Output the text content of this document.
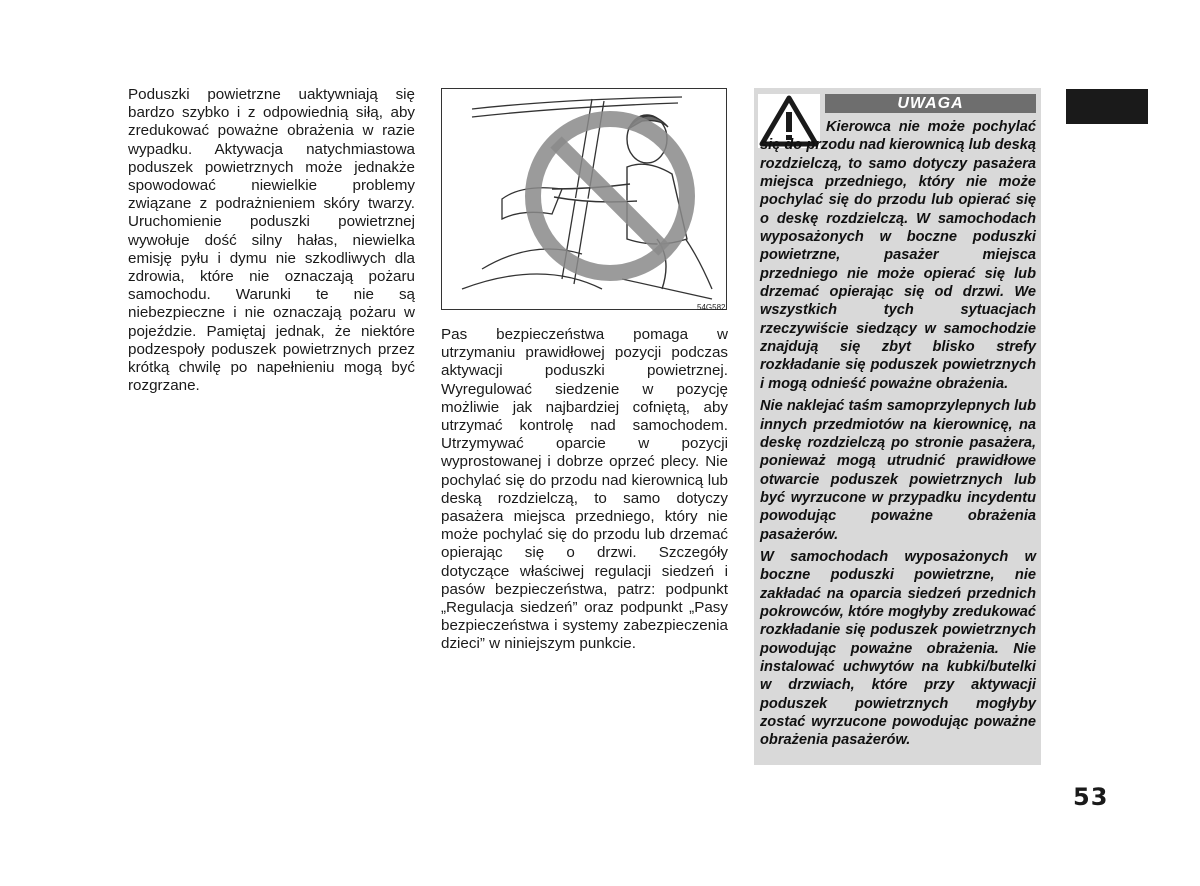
Poduszki powietrzne uaktywniają się bardzo szybko i z odpowiednią siłą, aby zredukować poważne obrażenia w razie wypadku. Aktywacja natychmiastowa poduszek powietrznych może jednakże spowodować niewielkie problemy związane z podrażnieniem skóry twarzy. Uruchomienie poduszki powietrznej wywołuje dość silny hałas, niewielka emisję pyłu i dymu nie szkodliwych dla zdrowia, które nie oznaczają pożaru samochodu. Warunki te nie są niebezpieczne i nie oznaczają pożaru w pojeździe. Pamiętaj jednak, że niektóre podzespoły poduszek powietrznych przez krótką chwilę po napełnieniu mogą być rozgrzane.
54G582
Pas bezpieczeństwa pomaga w utrzymaniu prawidłowej pozycji podczas aktywacji poduszki powietrznej. Wyregulować siedzenie w pozycję możliwie jak najbardziej cofniętą, aby utrzymać kontrolę nad samochodem. Utrzymywać oparcie w pozycji wyprostowanej i dobrze oprzeć plecy. Nie pochylać się do przodu nad kierownicą lub deską rozdzielczą, to samo dotyczy pasażera miejsca przedniego, który nie może pochylać się do przodu lub drzemać opierając się o drzwi. Szczegóły dotyczące właściwej regulacji siedzeń i pasów bezpieczeństwa, patrz: podpunkt „Regulacja siedzeń” oraz podpunkt „Pasy bezpieczeństwa i systemy zabezpieczenia dzieci” w niniejszym punkcie.
UWAGA

Kierowca nie może pochylać się do przodu nad kierownicą lub deską rozdzielczą, to samo dotyczy pasażera miejsca przedniego, który nie może pochylać się do przodu lub opierać się o deskę rozdzielczą. W samochodach wyposażonych w boczne poduszki powietrzne, pasażer miejsca przedniego nie może opierać się lub drzemać opierając się od drzwi. We wszystkich tych sytuacjach rzeczywiście siedzący w samochodzie znajdują się zbyt blisko strefy rozkładanie się poduszek powietrznych i mogą odnieść poważne obrażenia.

Nie naklejać taśm samoprzylepnych lub innych przedmiotów na kierownicę, na deskę rozdzielczą po stronie pasażera, ponieważ mogą utrudnić prawidłowe otwarcie poduszek powietrznych lub być wyrzucone w przypadku incydentu powodując poważne obrażenia pasażerów.

W samochodach wyposażonych w boczne poduszki powietrzne, nie zakładać na oparcia siedzeń przednich pokrowców, które mogłyby zredukować rozkładanie się poduszek powietrznych powodując poważne obrażenia. Nie instalować uchwytów na kubki/butelki w drzwiach, które przy aktywacji poduszek powietrznych mogłyby zostać wyrzucone powodując poważne obrażenia pasażerów.

53
